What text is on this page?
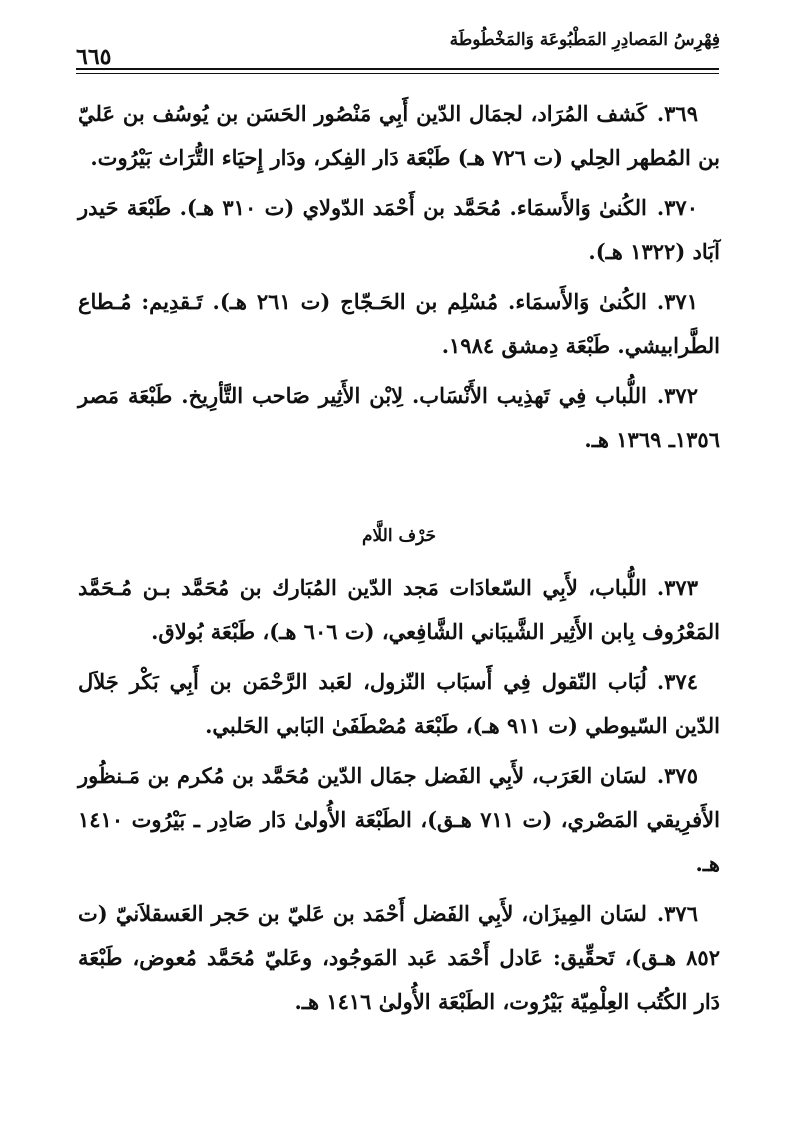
فِهْرِسُ المَصادِرِ المَطْبُوعَة وَالمَخْطُوطَة
٦٦٥

٣٦٩.كَشف المُرَاد، لجمَال الدّين أَبِي مَنْصُور الحَسَن بن يُوسُف بن عَليّ بن المُطهر الحِلي (ت ٧٢٦ هـ) طَبْعَة دَار الفِكر، ودَار إِحيَاء التُّرَاث بَيْرُوت.

٣٧٠.الكُنىٰ وَالأَسمَاء. مُحَمَّد بن أَحْمَد الدّولاي (ت ٣١٠ هـ). طَبْعَة حَيدر آبَاد (١٣٢٢ هـ).

٣٧١.الكُنىٰ وَالأَسمَاء. مُسْلِم بن الحَـجّاج (ت ٢٦١ هـ). تَـقدِيم: مُـطاع الطَّرابيشي. طَبْعَة دِمشق ١٩٨٤.

٣٧٢.اللُّباب فِي تَهذِيب الأَنْسَاب. لِابْن الأَثِير صَاحب التَّأرِيخ. طَبْعَة مَصر ١٣٥٦ـ ١٣٦٩ هـ.

حَرْف اللَّام

٣٧٣.اللُّباب، لأَبِي السّعادَات مَجد الدّين المُبَارك بن مُحَمَّد بـن مُـحَمَّد المَعْرُوف بِابن الأَثِير الشَّيبَاني الشَّافِعي، (ت ٦٠٦ هـ)، طَبْعَة بُولاق.

٣٧٤.لُبَاب النّقول فِي أَسبَاب النّزول، لعَبد الرَّحْمَن بن أَبِي بَكْر جَلاَل الدّين السّيوطي (ت ٩١١ هـ)، طَبْعَة مُصْطَفَىٰ البَابي الحَلبي.

٣٧٥.لسَان العَرَب، لأَبِي الفَضل جمَال الدّين مُحَمَّد بن مُكرم بن مَـنظُور الأَفرِيقي المَصْري، (ت ٧١١ هـق)، الطَبْعَة الأُولىٰ دَار صَادِر ـ بَيْرُوت ١٤١٠ هـ.

٣٧٦.لسَان المِيزَان، لأَبِي الفَضل أَحْمَد بن عَليّ بن حَجر العَسقلاَنيّ (ت ٨٥٢ هـق)، تَحقِّيق: عَادل أَحْمَد عَبد المَوجُود، وعَليّ مُحَمَّد مُعوض، طَبْعَة دَار الكُتُب العِلْمِيّة بَيْرُوت، الطَبْعَة الأُولىٰ ١٤١٦ هـ.
